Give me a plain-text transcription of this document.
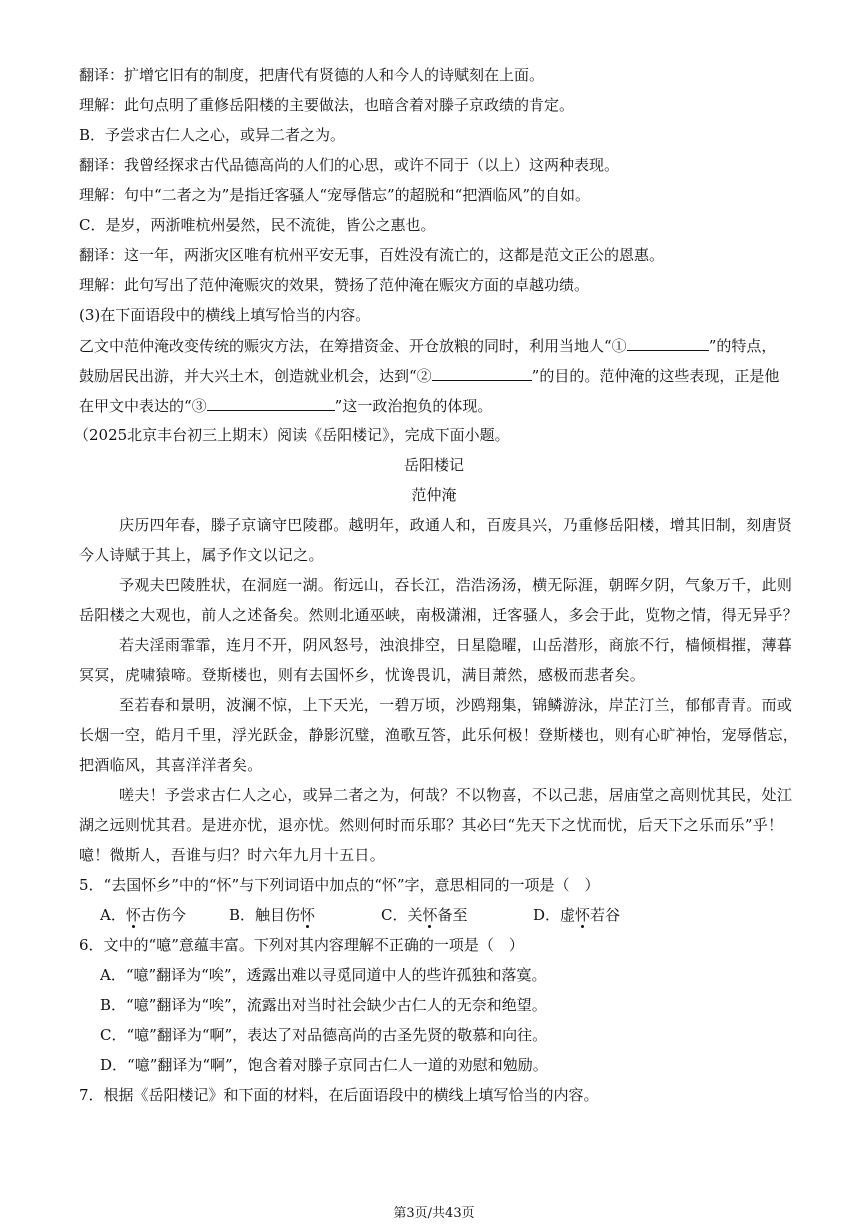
翻译：扩增它旧有的制度，把唐代有贤德的人和今人的诗赋刻在上面。
理解：此句点明了重修岳阳楼的主要做法，也暗含着对滕子京政绩的肯定。
B．予尝求古仁人之心，或异二者之为。
翻译：我曾经探求古代品德高尚的人们的心思，或许不同于（以上）这两种表现。
理解：句中“二者之为”是指迁客骚人“宠辱偕忘”的超脱和“把酒临风”的自如。
C．是岁，两浙唯杭州晏然，民不流徙，皆公之惠也。
翻译：这一年，两浙灾区唯有杭州平安无事，百姓没有流亡的，这都是范文正公的恩惠。
理解：此句写出了范仲淹赈灾的效果，赞扬了范仲淹在赈灾方面的卓越功绩。
(3)在下面语段中的横线上填写恰当的内容。
乙文中范仲淹改变传统的赈灾方法，在筹措资金、开仓放粮的同时，利用当地人“①	”的特点，
鼓励居民出游，并大兴土木，创造就业机会，达到“②	”的目的。范仲淹的这些表现，正是他
在甲文中表达的“③	”这一政治抱负的体现。
（2025北京丰台初三上期末）阅读《岳阳楼记》，完成下面小题。
岳阳楼记
范仲淹
庆历四年春，滕子京谪守巴陵郡。越明年，政通人和，百废具兴，乃重修岳阳楼，增其旧制，刻唐贤
今人诗赋于其上，属予作文以记之。
予观夫巴陵胜状，在洞庭一湖。衔远山，吞长江，浩浩汤汤，横无际涯，朝晖夕阴，气象万千，此则
岳阳楼之大观也，前人之述备矣。然则北通巫峡，南极潇湘，迁客骚人，多会于此，览物之情，得无异乎？
若夫淫雨霏霏，连月不开，阴风怒号，浊浪排空，日星隐曜，山岳潜形，商旅不行，樯倾楫摧，薄暮
冥冥，虎啸猿啼。登斯楼也，则有去国怀乡，忧谗畏讥，满目萧然，感极而悲者矣。
至若春和景明，波澜不惊，上下天光，一碧万顷，沙鸥翔集，锦鳞游泳，岸芷汀兰，郁郁青青。而或
长烟一空，皓月千里，浮光跃金，静影沉璧，渔歌互答，此乐何极！登斯楼也，则有心旷神怡，宠辱偕忘，
把酒临风，其喜洋洋者矣。
嗟夫！予尝求古仁人之心，或异二者之为，何哉？不以物喜，不以己悲，居庙堂之高则忧其民，处江
湖之远则忧其君。是进亦忧，退亦忧。然则何时而乐耶？其必曰“先天下之忧而忧，后天下之乐而乐”乎！
噫！微斯人，吾谁与归？时六年九月十五日。
5．“去国怀乡”中的“怀”与下列词语中加点的“怀”字，意思相同的一项是（　）
A．怀古伤今	B．触目伤怀	C．关怀备至	D．虚怀若谷
6．文中的“噫”意蕴丰富。下列对其内容理解不正确的一项是（　）
A．“噫”翻译为“唉”，透露出难以寻觅同道中人的些许孤独和落寞。
B．“噫”翻译为“唉”，流露出对当时社会缺少古仁人的无奈和绝望。
C．“噫”翻译为“啊”，表达了对品德高尚的古圣先贤的敬慕和向往。
D．“噫”翻译为“啊”，饱含着对滕子京同古仁人一道的劝慰和勉励。
7．根据《岳阳楼记》和下面的材料，在后面语段中的横线上填写恰当的内容。
第3页/共43页
